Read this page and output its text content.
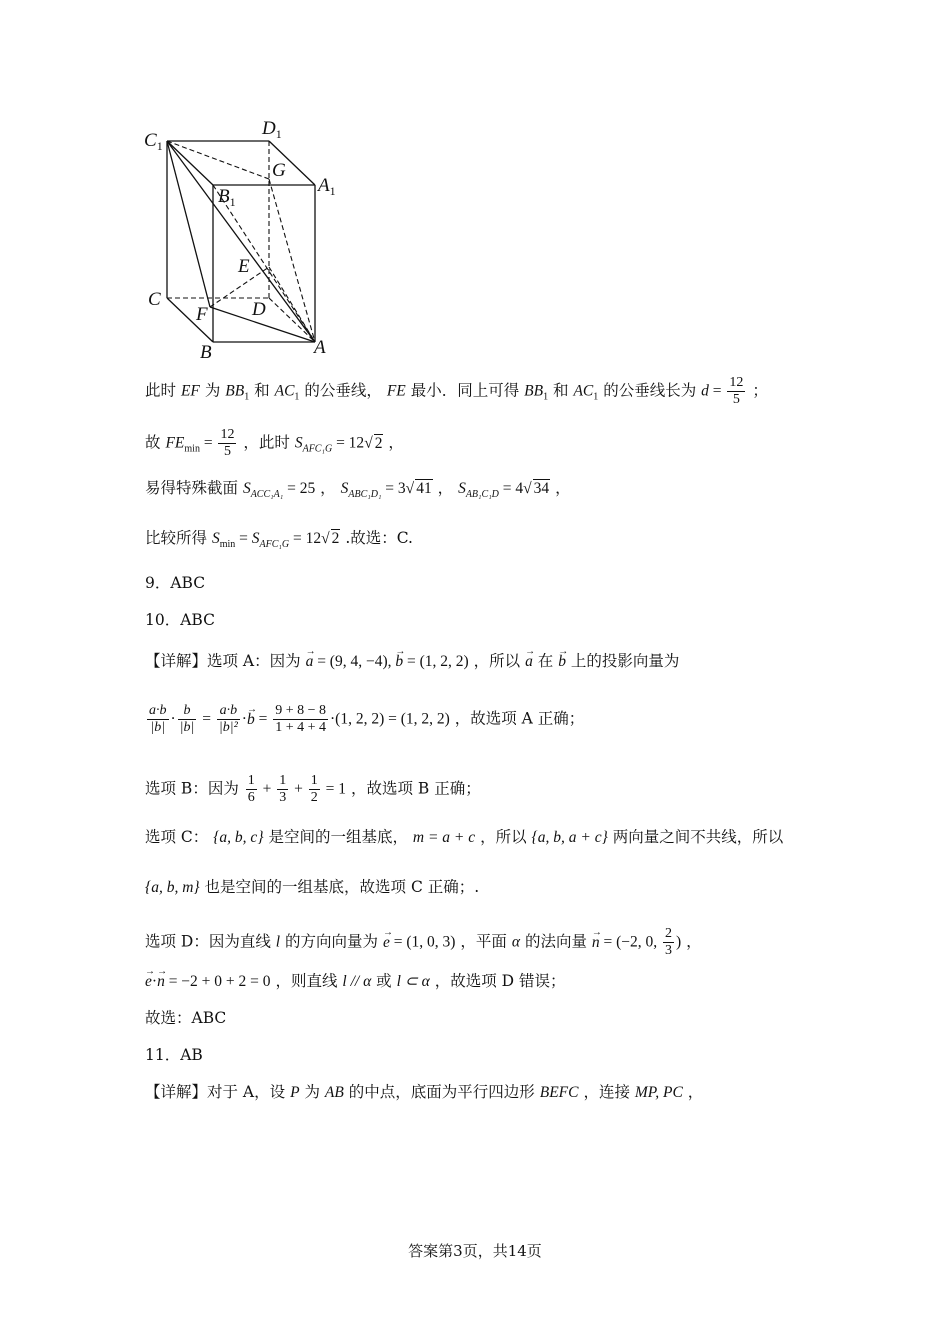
$C_1$
$D_1$
G
$B_1$
$A_1$
E
C
F D
B	A
此时 EF 为 $BB_1$ 和 $AC_1$ 的公垂线， FE 最小．同上可得 $BB_1$ 和 $AC_1$ 的公垂线长为 $d = \frac{12}{5}$ ；
故 $FE_{min} = \frac{12}{5}$ ，此时 $S_{AFC_1G} = 12√$ 2 ，
易得特殊截面 $S_{ACC_1A_1} = 25$ ， $S_{ABC_1D_1} = 3√$ 41 ， $S_{AB_1C_1D} = 4√$ 34 ，
比较所得 $S_{min} = S_{AFC_1G} = 12√$ 2 .故选：C.
9．ABC
10．ABC
【详解】选项 A：因为 → a = (9, 4, −4), → b = (1, 2, 2) ，所以 → a 在 → b 上的投影向量为
$\frac{a\cdot b}{|b|} \cdot \frac{b}{|b|} = \frac{a\cdot b}{\text{|b|²}} \cdot\to b = \frac{9 + 8 - 8}{1 + 4 + 4} \cdot(1$, 2, 2) = (1, 2, 2) ，故选项 A 正确；
选项 B：因为 $\frac{1}{6} + \frac{1}{3} + \frac{1}{2} = 1$ ，故选项 B 正确；
选项 C： {a, b, c} 是空间的一组基底， m = a + c ，所以 {a, b, a + c} 两向量之间不共线，所以
{a, b, m} 也是空间的一组基底，故选项 C 正确；.
选项 D：因为直线 l 的方向向量为 → e = (1, 0, 3) ，平面 α 的法向量 → n = (−2, 0, $\frac{2}{3}$ ) ，
→ e·→ n = −2 + 0 + 2 = 0 ，则直线 l // α 或 l ⊂ α ，故选项 D 错误；
故选：ABC
11．AB
【详解】对于 A，设 P 为 AB 的中点，底面为平行四边形 BEFC ，连接 MP, PC ，
答案第3页，共14页
